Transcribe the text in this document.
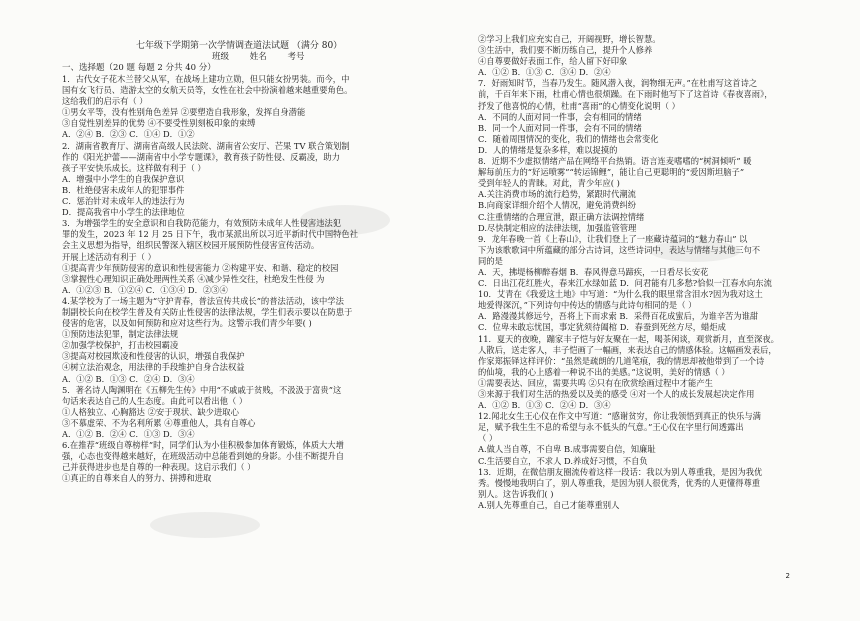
七年级下学期第一次学情调查道法试题 （满分 80）
班级 姓名 考号
一、选择题（20 题 每题 2 分共 40 分）
1．古代女子花木兰替父从军，在战场上建功立勋，但只能女扮男装。而今，中
国有女飞行员、造游太空的女航天员等，女性在社会中扮演着越来越重要角色。
这给我们的启示有（ ）
①男女平等，没有性别角色差异 ②要塑造自我形象，发挥自身潜能
③自觉性别差异的优势 ④不要受性别刻板印象的束缚
A．②④ B．②③ C．①④ D．①②
2．湖南省教育厅、湖南省高级人民法院、湖南省公安厅、芒果 TV 联合策划制
作的《阳光护蕾——湖南省中小学专题课》，教育孩子防性侵、反霸凌，助力
孩子平安快乐成长。这样做有利于（ ）
A．增强中小学生的自我保护意识
B．杜绝侵害未成年人的犯罪事件
C．惩治针对未成年人的违法行为
D．提高我省中小学生的法律地位
3．为增强学生的安全意识和自我防范能力，有效预防未成年人性侵害违法犯
罪的发生，2023 年 12 月 25 日下午，我市某派出所以习近平新时代中国特色社
会主义思想为指导，组织民警深入辖区校园开展预防性侵害宣传活动。
开展上述活动有利于（ ）
①提高青少年预防侵害的意识和性侵害能力 ②构建平安、和谐、稳定的校园
③掌握性心理知识正确处理两性关系 ④减少异性交往，杜绝发生性侵 为
A．①②③ B．①②④ C．①③④ D．②③④
4.某学校为了一场主题为“守护青春，普法宣传共成长”的普法活动，该中学法
制副校长向在校学生普及有关防止性侵害的法律法规，学生们表示要以在防患于
侵害的危害，以及如何预防和应对这些行为。这警示我们青少年要( )
①预防违法犯罪，制定法律法规
②加强学校保护，打击校园霸凌
③提高对校园欺凌和性侵害的认识，增强自我保护
④树立法治观念，用法律的手段维护自身合法权益
A．①② B．①③ C．②④ D．③④
5．著名诗人陶渊明在《五柳先生传》中用“不戚戚于贫贱，不汲汲于富贵”这
句话来表达自己的人生态度。由此可以看出他（ ）
①人格独立、心胸豁达 ②安于现状、缺少进取心
③不慕虚荣、不为名利所累 ④尊重他人，具有自尊心
A．①② B．②④ C．①③ D．③④
6.在推荐“班级自尊榜样”时，同学们认为小佳积极参加体育锻炼，体质大大增
强，心态也变得越来越好，在班级活动中总能看到她的身影。小佳不断提升自
己并获得进步也是自尊的一种表现。这启示我们（ ）
①真正的自尊来自人的努力、拼搏和进取
②学习上我们应充实自己，开阔视野，增长智慧。
③生活中，我们要不断历练自己，提升个人修养
④自尊要做好表面工作，给人留下好印象
A．①② B．①③ C．③④ D．②④
7．好雨知时节，当春乃发生。随风潜入夜，润物细无声。”在杜甫写这首诗之
前，千百年来下雨，杜甫心情也很烦躁。在下雨时他写下了这首诗《春夜喜雨》，
抒发了他喜悦的心情，杜甫“喜雨”的心情变化说明（ ）
A．不同的人面对同一件事，会有相同的情绪
B．同一个人面对同一件事，会有不同的情绪
C．随着周围情况的变化，我们的情绪也会常变化
D．人的情绪是复杂多样，难以捉摸的
8．近期不少虚拟情绪产品在网络平台热销。语言连麦嗜嗜的“树洞倾听” 暖
解每前压力的“好运喷雾”“转运锦鲤”，能让自己更聪明的“爱因斯坦脑子”
受到年轻人的青睐。对此，青少年应( )
A.关注消费市场的流行趋势，紧跟时代潮流
B.向商家详细介绍个人情况，避免消费纠纷
C.注重情绪的合理宣泄，跟正确方法调控情绪
D.尽快制定相应的法律法规，加强监管管理
9．龙年春晚一首《上春山》，让我们登上了一座藏诗蕴词的“魅力春山” 以
下为该歌歌词中所蕴藏的部分古诗词，这些诗词中，表达与情绪与其他三句不
同的是
A．天，拂堤杨柳醉春烟 B．春风得意马蹄疾，一日看尽长安花
C．日出江花红胜火，春来江水绿如蓝 D．问君能有几多愁?恰似一江春水向东流
10．艾青在《我爱这土地》中写道：“为什么我的眼里常含泪水?因为我对这土
地爱得深沉，”下列诗句中传达的情感与此诗句相同的是（ ）
A．路漫漫其修远兮，吾将上下而求索 B．采得百花成蜜后，为谁辛苦为谁甜
C．位卑未敢忘忧国，事定犹须待阖棺 D．春蚕到死丝方尽，蜡炬成
11．夏天的夜晚，蹦家丰子恺与好友聚在一起，喝茶闲谈，观赏新月，直至深夜。
人散后，送走客人，丰子恺画了一幅画，来表达自己的情感体验。这幅画发表后，
作家郑振铎这样评价：“虽然是疏朗的几道笔痕，我的情思却被他带到了一个诗
的仙境，我的心上感着一种说不出的美感。”这说明，美好的情感（ ）
①需要表达、回应，需要共鸣 ②只有在欣赏绘画过程中才能产生
③来源于我们对生活的热爱以及美的感受 ④对一个人的成长发展起决定作用
A．①② B．①③ C．②④ D．③④
12.闻北女生王心仪在作文中写道：“感谢贫穷，你让我领悟到真正的快乐与满
足，赋予我生生不息的希望与永不低头的气意。”王心仪在字里行间透露出
（ ）
A.做人当自尊，不自卑 B.成事需要自信，知廉耻
C.生活要自立，不求人 D.养成好习惯，不自负
13．近期，在微信朋友圈流传着这样一段话：我以为别人尊重我，是因为我优
秀。慢慢地我明白了，别人尊重我，是因为别人很优秀，优秀的人更懂得尊重
别人。这告诉我们( )
A.别人先尊重自己，自己才能尊重别人
2
